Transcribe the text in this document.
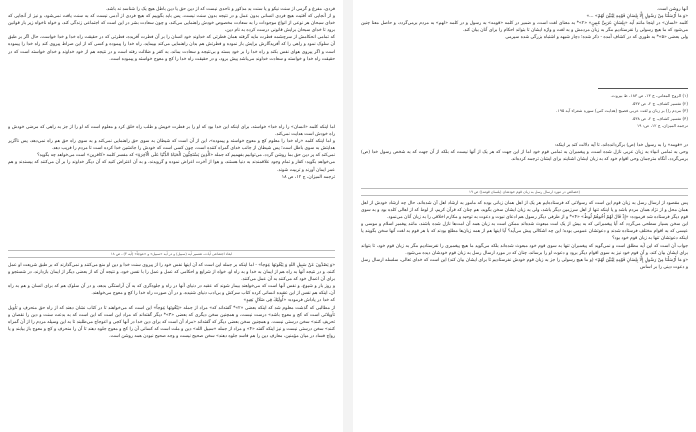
فردی، مفرغ و گرمی از سنت نیکو و یا سنت بد مذکور و ناحدی نیست که از دین حق یا دین باطل هیچ یک را شناسد نه باشد.

و از آنجایی که آفتیت هیچ فردی انسانی بدون عمل و در نتیجه بدون سنت نیست، پس باید بگوییم که هیچ فردی از آدمی نیست که به سنت یافت نمی‌شود، و نیز از آنجایی که خدای سبحان هر نوعی از انواع موجودات را به سعادت مخصوص خودش راهنمایی می‌کند، و چون سعادت بشر در این است که اجتماعی زندگی کند، و خواه ناخواه زیر بار قوانین برود تا خدای سبحان برایش قانونی درست کرده به نام دین،

که تمامی انحکامش از سرچشمه فطرت مایه گرفته همان فطرتی که خداوند خود انسان را بر آن فطرت آفریده، فطرتی که در حقیقت راه خدا و خدا خواست، حال اگر بر طبق آن سلوک نمود و راهی را که آفریدگارش برایش باز نموده و فطرتش هم بدان راهنمایی می‌کند بپیماید، راه خدا را پیموده و کسی که از این صراط پیروی کند راه خدا را پیموده است و اگر پیروی هوای نفس بکند و راه خدا را بر خود بسته و بی‌نتیجه و سعادت بماند، به کفر و ضلالت رفته است و در نتیجه هم از خود خداوند و خدای خواسته است که در حقیقت راه خدا و خواسته و سعادت خداوند می‌باشد پیش برود، و در حقیقت راه خدا را کج و معوج خواسته و پیموده است.

اما اینکه کلمه «انسان» را راه خدا» خواسته، برای اینکه این خدا بود که او را بر فطرت خویش و طلب راه خلق کرد و معلوم است که او را از جز به راهی که مرضی خودش و راه خودش است هدایت نمی‌کند.

و اما اینکه کلمه «راه خدا را معلوم کج و معوج خواسته و پیموده»، این از آن است که شیطان به سوی حق راهنمایی نمی‌کند و به سوی راه حق هم راه نمی‌دهد، پس ناگزیر هدایتش به سوی باطل است؛ پس شیطان از جانب خدای گمراه کننده است، چون کسی است که خودش را جانشین خدا کرده است تا مردم را فریب دهد.

نمی‌کند که پر دین حق بما روشن گردد، می‌توانیم بفهمیم که جمله «الَّذِینَ یَسْتَحِبُّونَ الْحَیَاةَ الدُّنْیَا عَلَى الْآخِرَةِ» که مفسر کلمه «کافرین» است می‌خواهد چه بگوید؟

می‌خواهد بگوید: کفار و تمام وجود علاقمندند به دنیا هستند، و هوا از آخرت اعراض نموده و گرویدند، و به آن اعتراض کنید که آن دیگر خداوند را بر آن می‌کنند که بپسندند و هم عمر ایمان آورند و تربیت شوند.

ترجمه المیزان، ج ۱۲، ص ۱۸

ابعاد اجتماعی آیات، تفسیر آیه (سبیل) و در آیه «سبیل» و «عوجاً» (آیه ۳) ـ ص ۱۸

«وَ یَصُدُّونَ عَنْ سَبِیلِ اللَّهِ وَ یَبْغُونَهَا عِوَجاً» - اما اینکه بر جمله این است که آن اینها نفس خود را از پیروی سنت خدا و دین او منع می‌کنند و نمی‌گذارند که بر طبق شریعت او عمل کنند، و در نتیجه آنها به راه هم از ایمان به خدا و به راه او، خواه از شرایع و احکامی که عمل و عمل را با نفس خود، و نتیجه آن که از بعضی دیگر از ایمان بازدارند، در شستجو و برای آن اعمال خود که می‌کنند به آن عمل می‌کنند.

و روز بار و شیوع، و نفس آنها است که می‌خواهند بیمار شوند که عقبه در دنیای آنها در راه و جلوه‌گری که به آن آراستگی بدهد، و در آن سلوک هم که برای انسان و هم به راه آن، اینکه هم نفس از این عقیده انسانی کرده کتاب سرکش و بی‌ادب دنیای شنیده، و در آن صورت راه خدا را کج و معوج می‌خواهند.

که خدا در پاداش فرموده: «أُولَئِكَ فِی ضَلَالٍ بَعِیدٍ»

از مطالبی که گذشت معلوم شد که اینکه بعضی «۲»* گفته‌اند که» مراد از جمله «یَبْغُونَهَا عِوَجاً» این است که می‌خواهند تا در کتاب نشان دهند که از راه حق منحرف و تأویل تأویلاتی است که کج و معوج باشد» درست نیست، و همچنین سخن دیگری که بعضی «۳»* دیگر گفته‌اند که مراد این است که این است که به بدعت سنت و دین را نقصان و تحریف کنند» سخن درستی نیست. و همچنین سخن بعضی دیگر که گفته‌اند «مراد آن است که برای دین خدا در آنها کجی و اعوجاج می‌طلبند تا به این وسیله مردم را از آن گمراه کنند» سخن درستی نیست و نیز اینکه گفته «۴» و مراد از جمله «سبیل الله» دین و ملت است که کسانی آن را کج و معوج جلوه دهند تا آن را منحرف و کج و معوج باز بیابند و یا رواج فساد در میان مؤمنین، معارف دین را هم فاسد جلوه دهند» سخن صحیح نیست و وجه صحیح نبودن همه روشن است.

آنها روشن است.

«وَ مَا أَرْسَلْنَا مِنْ رَسُولٍ إِلَّا بِلِسَانِ قَوْمِهِ لِیُبَیِّنَ لَهُمْ» ...»

کلمه «لسان» در اینجا مانند آیه «بِلِسَانٍ عَرَبِیٍّ مُبِینٍ» «۲»* به معنای لغت است، و ضمیر در کلمه «قومه» به رسول و در کلمه «لهم» به مردم برمی‌گردد، و حاصل معنا چنین می‌شود که ما هیچ رسولی را نفرستادیم مگر به زبان مردمش و به لغت و واژه ایشان تا بتواند احکام را برای آنان بیان کند.

ولی بعضی «۵»* به طوری که در کشاف آمده - ذکر شده؛ دچار شبهه و اشتباه بزرگی شده سیرمی

(۱) الروح المعانی، ج ۱۳، ص ۱۸۳، ط بیروت.

(۲) تفسیر کشاف، ج ۲، ص ۵۳۷.

(۳) مردم را) بر زبان و لغت عربی فصیح (هدایت کنی) سوره شعراء آیه ۱۹۵.

(۴) تفسیر کشاف، ج ۲، ص ۵۳۸.

ترجمه المیزان، ج ۱۲، ص: ۱۹

در «قومه» را به رسول خدا (ص) برگردانده‌اند، تا آیه دلالت کند بر اینکه:

وحی به تمامی انبیاء به زبان عربی نازل شده است، و پیغمبران به تمامی قوم خود اما از این جهت که هر یک از آنها نیست که بلکه از آن جهت که به شخص رسول خدا (ص) برمی‌گردد، آنگاه مترجمان وحی اقوام خود که به زبان ایشان اشنایند برای ایشان ترجمه کرده‌اند.

(خصائص در مورد ارسال رسل به زبان قوم خودشان (بلسان قومه)) ص ۱۹

پس مقصود از ارسال رسل به زبان قوم این است که رسولانی که فرستاده‌ایم هر یک از اهل همان زبانی بوده که مأمور به ارشاد اهل آن شده‌اند، حال چه ارشاد خودش از اهل همان محل و از نژاد همان مردم باشد و یا اینکه تنها از اهل سرزمین دیگر باشد، ولی به زبان ایشان سخن بگوید، هم چنان که قرآن کریم، از لوط که از اهالی کلده بود و به سوی قوم دیگر فرستاده شد فرموده: «إِذْ قَالَ لَهُمْ أَخُوهُمْ لُوطٌ» «۴»* و از طرفی دیگر رسول هم ادعای نبوت و دعوت به توحید و مکارم اخلاقی را به زبان آنان می‌نمود.

این سخن بسیار سطحی می‌گردد که آیا پیغمبرانی که به بیش از یک امت مبعوث شده‌اند ممکن است به زبان همه آن امت‌ها نازل شده باشند، مانند پیغمبر اسلام و موسی و عیسی که به اقوام مختلف فرستاده شدند و دعوتشان عمومی بوده؛ این چه اشکالی پیش می‌آید؟ آیا اینها هم از همه زبان‌ها مطلع بودند که با هر قوم به لغت آنها سخن بگویند یا اینکه دعوتشان تنها به زبان قوم خود بود؟

جواب آن است که این آیه مطلق است و نمی‌گوید که پیغمبران تنها به سوی قوم خود مبعوث شده‌اند بلکه می‌گوید ما هیچ پیغمبری را نفرستادیم مگر به زبان قوم خود، تا بتواند برای ایشان بیان کند، و آن قوم خود نیز به سوی اقوام دیگر برود و دعوت او را برساند، چنان که در مورد ارسال رسل به زبان قوم خودشان دیده می‌شود.

«وَ مَا أَرْسَلْنَا مِنْ رَسُولٍ إِلَّا بِلِسَانِ قَوْمِهِ لِیُبَیِّنَ لَهُمْ» (و ما هیچ رسولی را جز به زبان قوم خودش نفرستادیم تا برای ایشان بیان کند) این است که خدای تعالی، سلسله ارسال رسل و دعوت دینی را بر اساس
